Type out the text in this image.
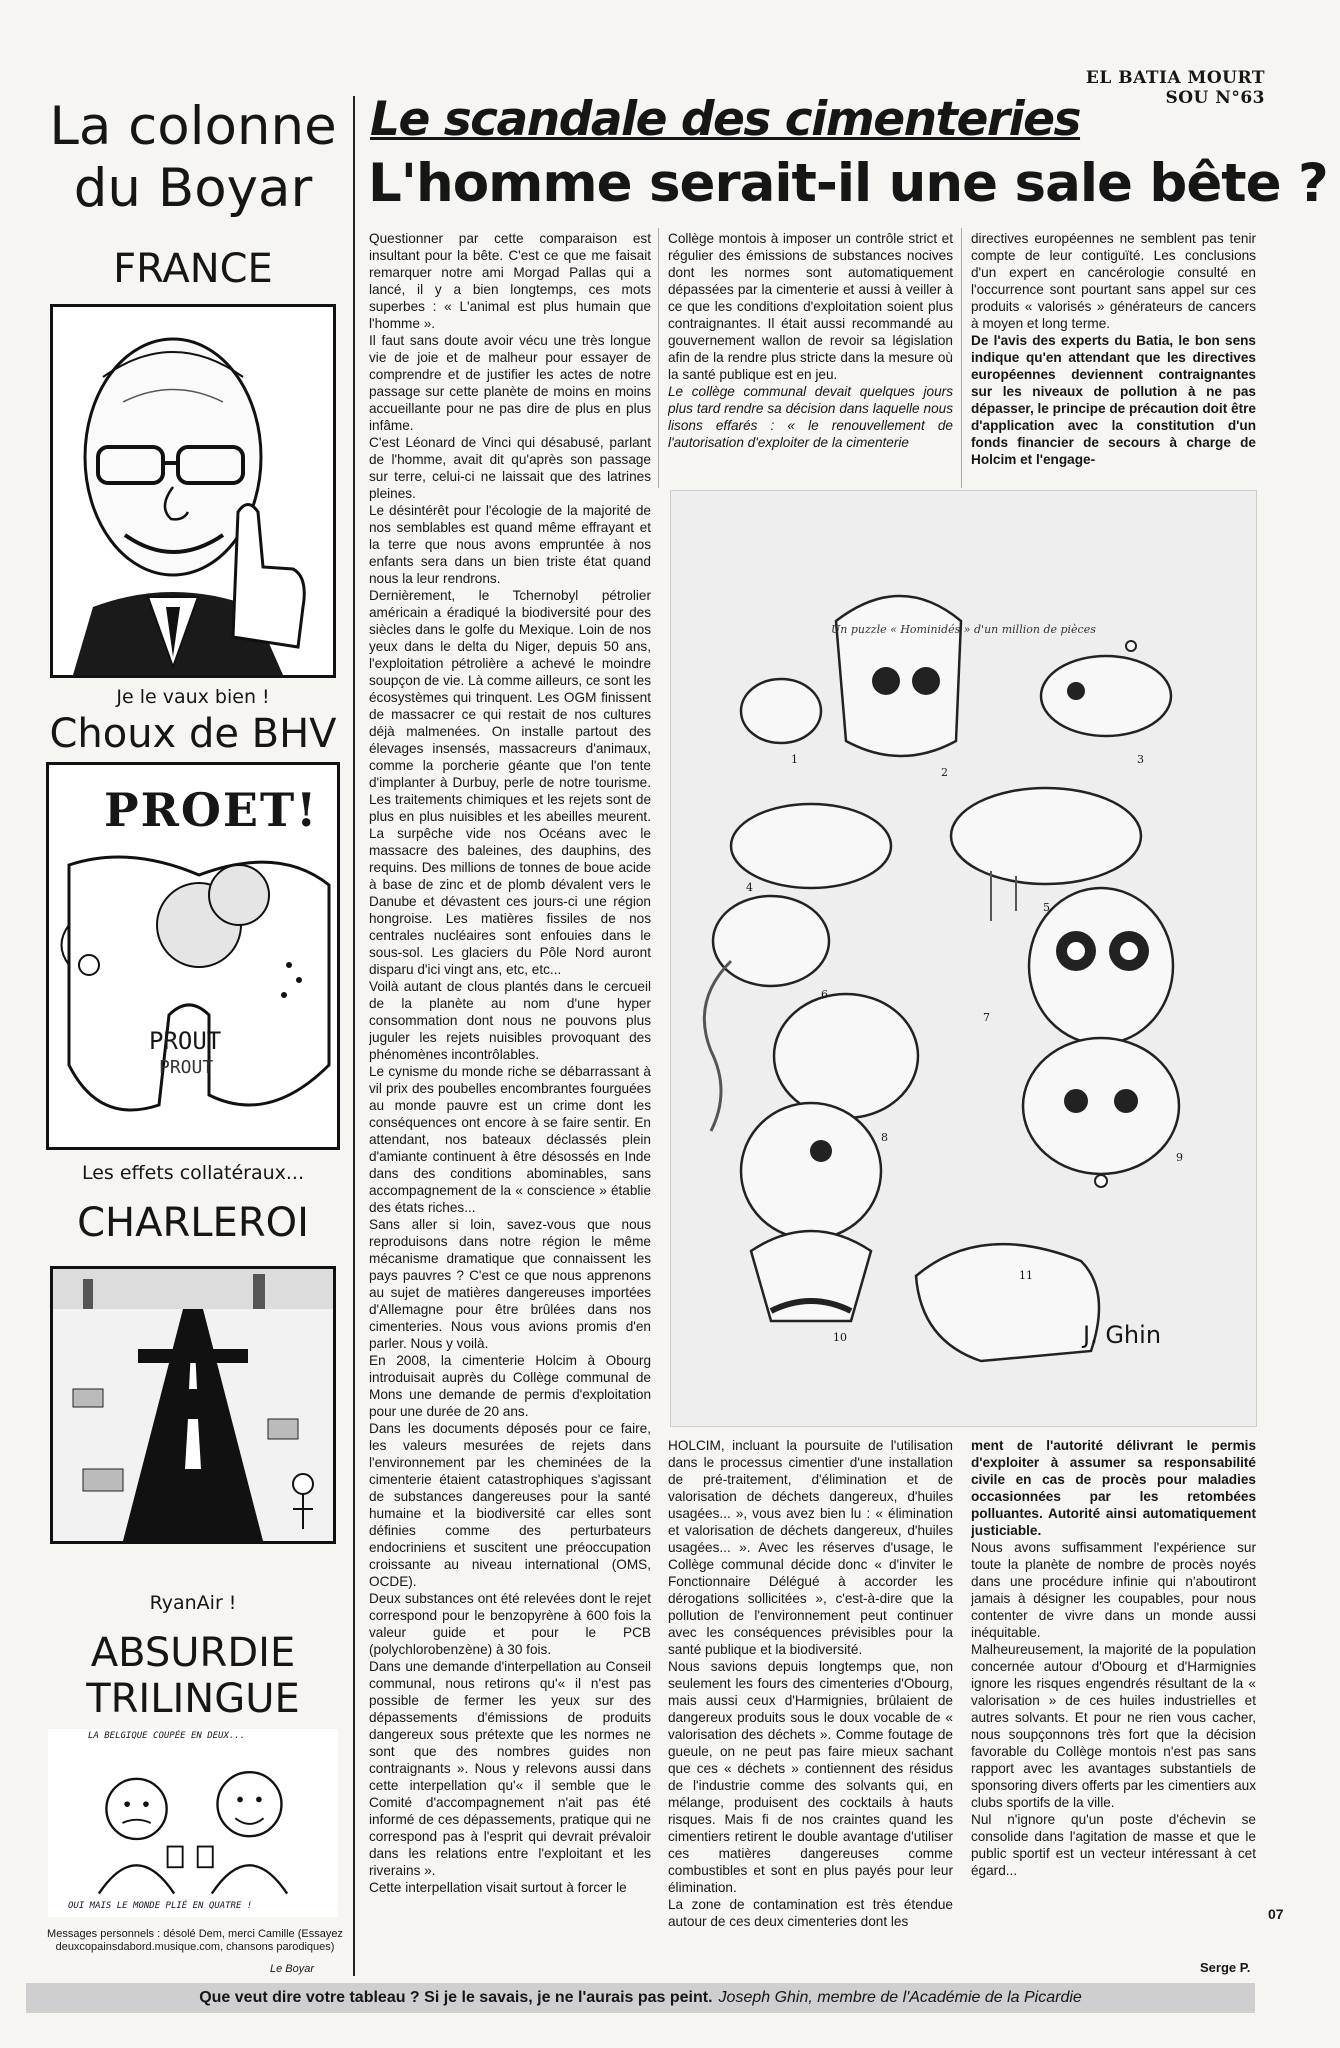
EL BATIA MOURT SOU N°63
La colonne
du Boyar
FRANCE
Je le vaux bien !
Choux de BHV
PROET!
PROUT
PROUT
Les effets collatéraux...
CHARLEROI
RyanAir !
ABSURDIE TRILINGUE
LA BELGIQUE COUPÉE EN DEUX...
OUI MAIS LE MONDE PLIÉ EN QUATRE !
Messages personnels : désolé Dem, merci Camille (Essayez deuxcopainsdabord.musique.com, chansons parodiques)
Le Boyar
Le scandale des cimenteries
L'homme serait-il une sale bête ?

Questionner par cette comparaison est insultant pour la bête. C'est ce que me faisait remarquer notre ami Morgad Pallas qui a lancé, il y a bien longtemps, ces mots superbes : « L'animal est plus humain que l'homme ».

Il faut sans doute avoir vécu une très longue vie de joie et de malheur pour essayer de comprendre et de justifier les actes de notre passage sur cette planète de moins en moins accueillante pour ne pas dire de plus en plus infâme.

C'est Léonard de Vinci qui désabusé, parlant de l'homme, avait dit qu'après son passage sur terre, celui-ci ne laissait que des latrines pleines.

Le désintérêt pour l'écologie de la majorité de nos semblables est quand même effrayant et la terre que nous avons empruntée à nos enfants sera dans un bien triste état quand nous la leur rendrons.

Dernièrement, le Tchernobyl pétrolier américain a éradiqué la biodiversité pour des siècles dans le golfe du Mexique. Loin de nos yeux dans le delta du Niger, depuis 50 ans, l'exploitation pétrolière a achevé le moindre soupçon de vie. Là comme ailleurs, ce sont les écosystèmes qui trinquent. Les OGM finissent de massacrer ce qui restait de nos cultures déjà malmenées. On installe partout des élevages insensés, massacreurs d'animaux, comme la porcherie géante que l'on tente d'implanter à Durbuy, perle de notre tourisme. Les traitements chimiques et les rejets sont de plus en plus nuisibles et les abeilles meurent. La surpêche vide nos Océans avec le massacre des baleines, des dauphins, des requins. Des millions de tonnes de boue acide à base de zinc et de plomb dévalent vers le Danube et dévastent ces jours-ci une région hongroise. Les matières fissiles de nos centrales nucléaires sont enfouies dans le sous-sol. Les glaciers du Pôle Nord auront disparu d'ici vingt ans, etc, etc...

Voilà autant de clous plantés dans le cercueil de la planète au nom d'une hyper consommation dont nous ne pouvons plus juguler les rejets nuisibles provoquant des phénomènes incontrôlables.

Le cynisme du monde riche se débarrassant à vil prix des poubelles encombrantes fourguées au monde pauvre est un crime dont les conséquences ont encore à se faire sentir. En attendant, nos bateaux déclassés plein d'amiante continuent à être désossés en Inde dans des conditions abominables, sans accompagnement de la « conscience » établie des états riches...

Sans aller si loin, savez-vous que nous reproduisons dans notre région le même mécanisme dramatique que connaissent les pays pauvres ? C'est ce que nous apprenons au sujet de matières dangereuses importées d'Allemagne pour être brûlées dans nos cimenteries. Nous vous avions promis d'en parler. Nous y voilà.

En 2008, la cimenterie Holcim à Obourg introduisait auprès du Collège communal de Mons une demande de permis d'exploitation pour une durée de 20 ans.

Dans les documents déposés pour ce faire, les valeurs mesurées de rejets dans l'environnement par les cheminées de la cimenterie étaient catastrophiques s'agissant de substances dangereuses pour la santé humaine et la biodiversité car elles sont définies comme des perturbateurs endocriniens et suscitent une préoccupation croissante au niveau international (OMS, OCDE).

Deux substances ont été relevées dont le rejet correspond pour le benzopyrène à 600 fois la valeur guide et pour le PCB (polychlorobenzène) à 30 fois.

Dans une demande d'interpellation au Conseil communal, nous retirons qu'« il n'est pas possible de fermer les yeux sur des dépassements d'émissions de produits dangereux sous prétexte que les normes ne sont que des nombres guides non contraignants ». Nous y relevons aussi dans cette interpellation qu'« il semble que le Comité d'accompagnement n'ait pas été informé de ces dépassements, pratique qui ne correspond pas à l'esprit qui devrait prévaloir dans les relations entre l'exploitant et les riverains ».

Cette interpellation visait surtout à forcer le

Collège montois à imposer un contrôle strict et régulier des émissions de substances nocives dont les normes sont automatiquement dépassées par la cimenterie et aussi à veiller à ce que les conditions d'exploitation soient plus contraignantes. Il était aussi recommandé au gouvernement wallon de revoir sa législation afin de la rendre plus stricte dans la mesure où la santé publique est en jeu.

Le collège communal devait quelques jours plus tard rendre sa décision dans laquelle nous lisons effarés : « le renouvellement de l'autorisation d'exploiter de la cimenterie

directives européennes ne semblent pas tenir compte de leur contiguïté. Les conclusions d'un expert en cancérologie consulté en l'occurrence sont pourtant sans appel sur ces produits « valorisés » générateurs de cancers à moyen et long terme.

De l'avis des experts du Batia, le bon sens indique qu'en attendant que les directives européennes deviennent contraignantes sur les niveaux de pollution à ne pas dépasser, le principe de précaution doit être d'application avec la constitution d'un fonds financier de secours à charge de Holcim et l'engage-

Un puzzle « Hominidés » d'un million de pièces
J. Ghin
1
2
3
4
5
6
7
8
9
10
11

HOLCIM, incluant la poursuite de l'utilisation dans le processus cimentier d'une installation de pré-traitement, d'élimination et de valorisation de déchets dangereux, d'huiles usagées... », vous avez bien lu : « élimination et valorisation de déchets dangereux, d'huiles usagées... ». Avec les réserves d'usage, le Collège communal décide donc « d'inviter le Fonctionnaire Délégué à accorder les dérogations sollicitées », c'est-à-dire que la pollution de l'environnement peut continuer avec les conséquences prévisibles pour la santé publique et la biodiversité.

Nous savions depuis longtemps que, non seulement les fours des cimenteries d'Obourg, mais aussi ceux d'Harmignies, brûlaient de dangereux produits sous le doux vocable de « valorisation des déchets ». Comme foutage de gueule, on ne peut pas faire mieux sachant que ces « déchets » contiennent des résidus de l'industrie comme des solvants qui, en mélange, produisent des cocktails à hauts risques. Mais fi de nos craintes quand les cimentiers retirent le double avantage d'utiliser ces matières dangereuses comme combustibles et sont en plus payés pour leur élimination.

La zone de contamination est très étendue autour de ces deux cimenteries dont les

ment de l'autorité délivrant le permis d'exploiter à assumer sa responsabilité civile en cas de procès pour maladies occasionnées par les retombées polluantes. Autorité ainsi automatiquement justiciable.

Nous avons suffisamment l'expérience sur toute la planète de nombre de procès noyés dans une procédure infinie qui n'aboutiront jamais à désigner les coupables, pour nous contenter de vivre dans un monde aussi inéquitable.

Malheureusement, la majorité de la population concernée autour d'Obourg et d'Harmignies ignore les risques engendrés résultant de la « valorisation » de ces huiles industrielles et autres solvants. Et pour ne rien vous cacher, nous soupçonnons très fort que la décision favorable du Collège montois n'est pas sans rapport avec les avantages substantiels de sponsoring divers offerts par les cimentiers aux clubs sportifs de la ville.

Nul n'ignore qu'un poste d'échevin se consolide dans l'agitation de masse et que le public sportif est un vecteur intéressant à cet égard...

07
Serge P.
Que veut dire votre tableau ? Si je le savais, je ne l'aurais pas peint. Joseph Ghin, membre de l'Académie de la Picardie
